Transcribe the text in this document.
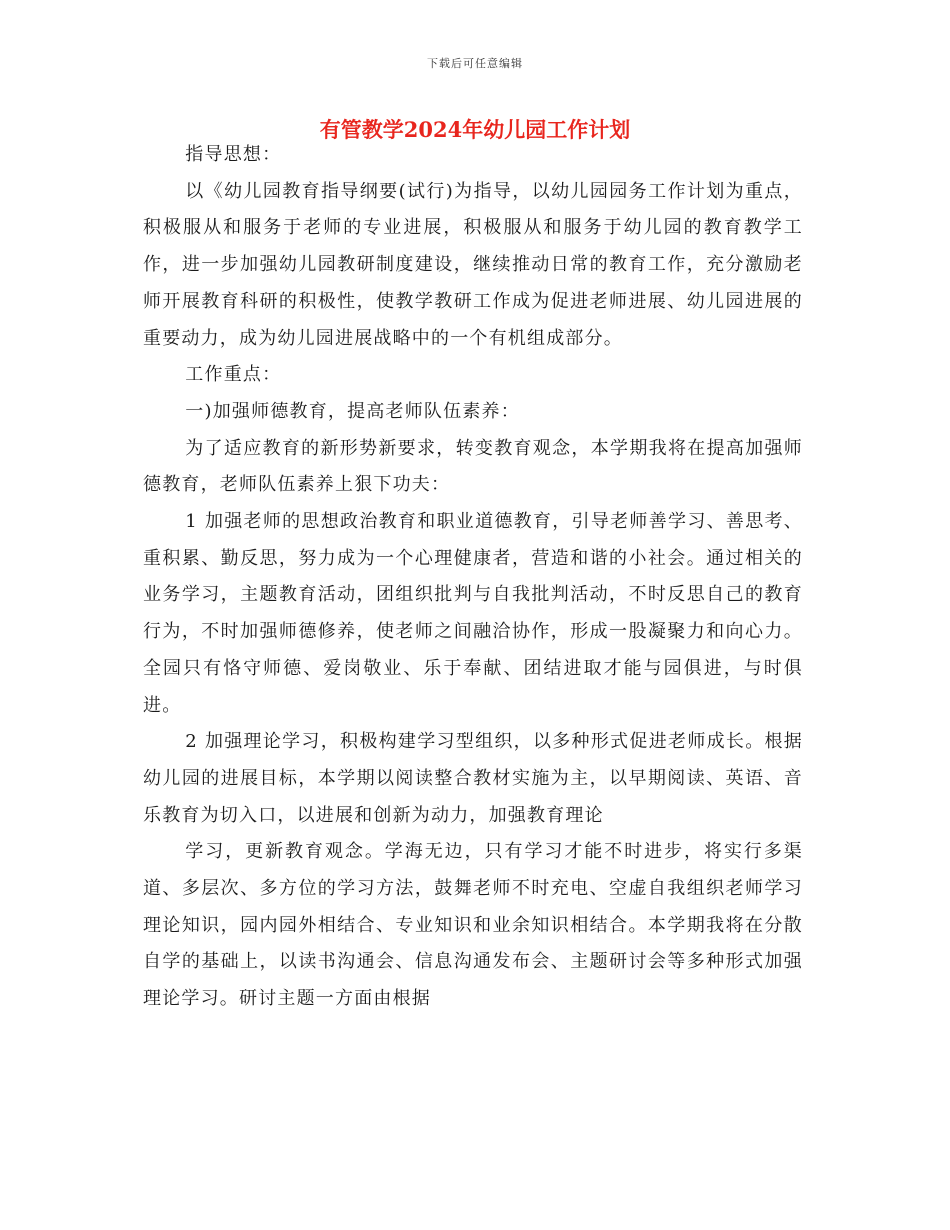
下载后可任意编辑
有管教学2024年幼儿园工作计划

指导思想：

以《幼儿园教育指导纲要(试行)为指导，以幼儿园园务工作计划为重点，积极服从和服务于老师的专业进展，积极服从和服务于幼儿园的教育教学工作，进一步加强幼儿园教研制度建设，继续推动日常的教育工作，充分激励老师开展教育科研的积极性，使教学教研工作成为促进老师进展、幼儿园进展的重要动力，成为幼儿园进展战略中的一个有机组成部分。

工作重点：

一)加强师德教育，提高老师队伍素养：

为了适应教育的新形势新要求，转变教育观念，本学期我将在提高加强师德教育，老师队伍素养上狠下功夫：

1 加强老师的思想政治教育和职业道德教育，引导老师善学习、善思考、重积累、勤反思，努力成为一个心理健康者，营造和谐的小社会。通过相关的业务学习，主题教育活动，团组织批判与自我批判活动，不时反思自己的教育行为，不时加强师德修养，使老师之间融洽协作，形成一股凝聚力和向心力。全园只有恪守师德、爱岗敬业、乐于奉献、团结进取才能与园俱进，与时俱进。

2 加强理论学习，积极构建学习型组织，以多种形式促进老师成长。根据幼儿园的进展目标，本学期以阅读整合教材实施为主，以早期阅读、英语、音乐教育为切入口，以进展和创新为动力，加强教育理论

学习，更新教育观念。学海无边，只有学习才能不时进步，将实行多渠道、多层次、多方位的学习方法，鼓舞老师不时充电、空虚自我组织老师学习理论知识，园内园外相结合、专业知识和业余知识相结合。本学期我将在分散自学的基础上，以读书沟通会、信息沟通发布会、主题研讨会等多种形式加强理论学习。研讨主题一方面由根据
